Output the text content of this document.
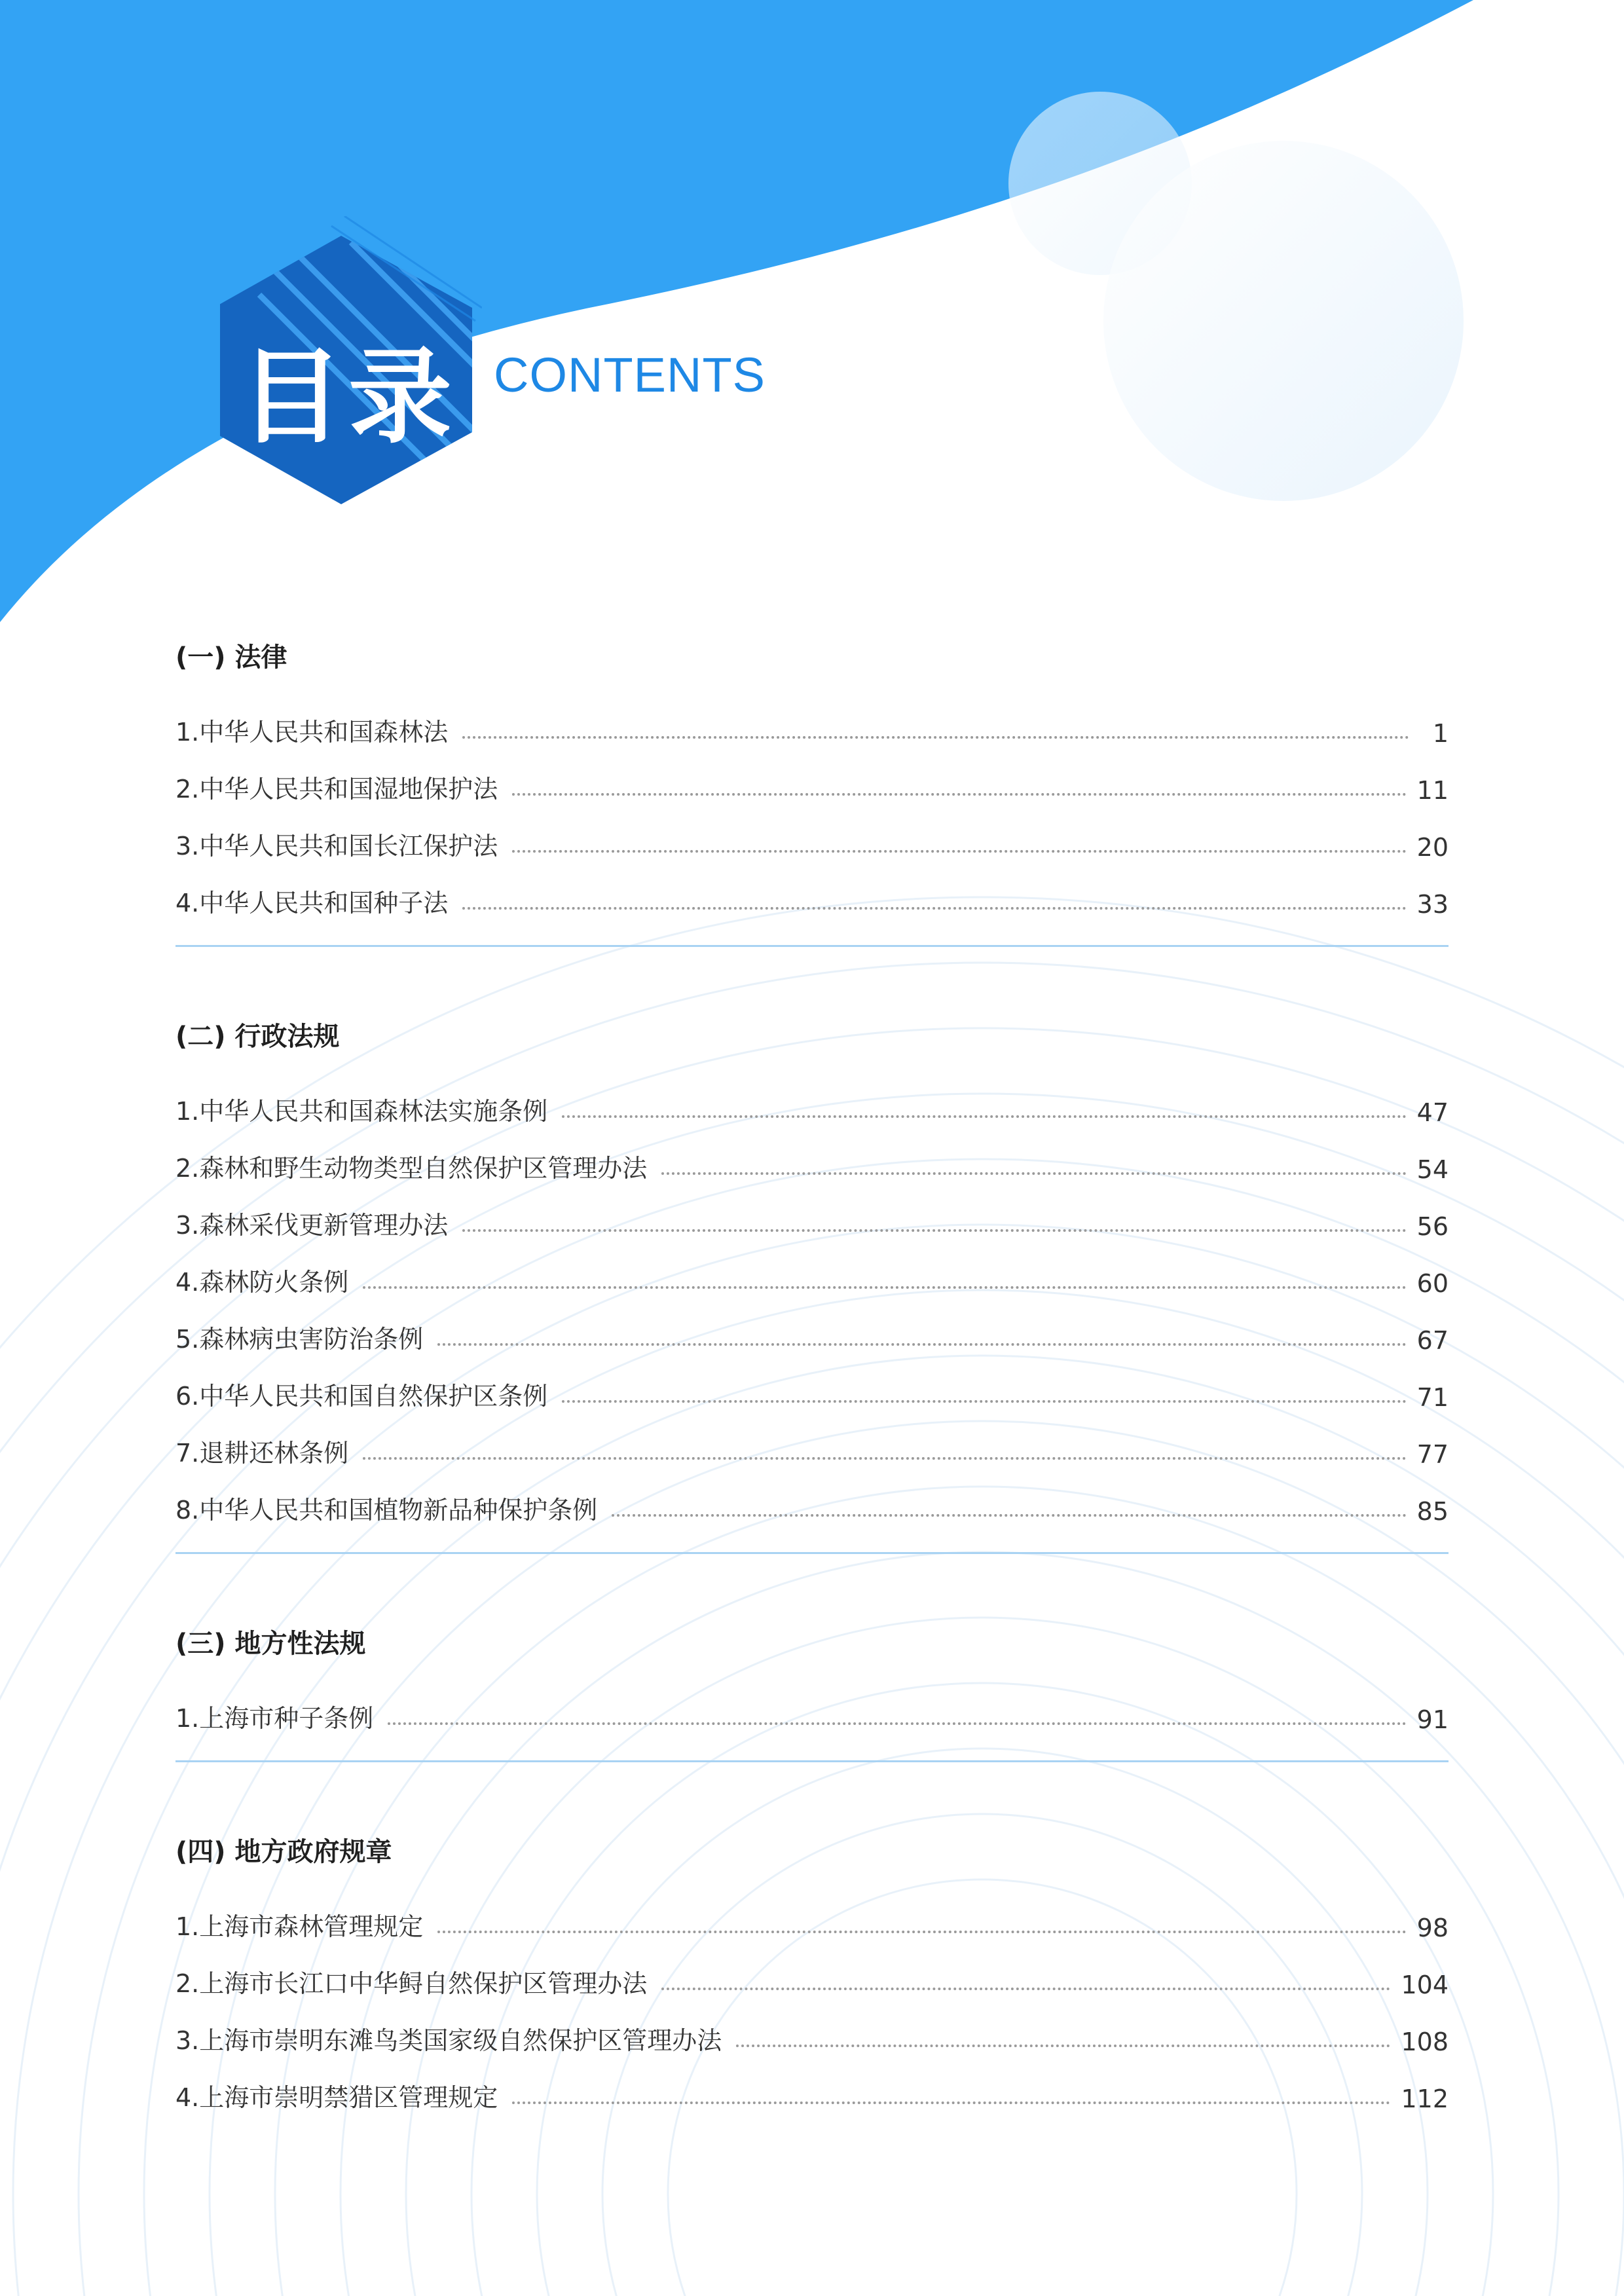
目录 CONTENTS
(一) 法律
1.中华人民共和国森林法	1
2.中华人民共和国湿地保护法	11
3.中华人民共和国长江保护法	20
4.中华人民共和国种子法	33
(二) 行政法规
1.中华人民共和国森林法实施条例	47
2.森林和野生动物类型自然保护区管理办法	54
3.森林采伐更新管理办法	56
4.森林防火条例	60
5.森林病虫害防治条例	67
6.中华人民共和国自然保护区条例	71
7.退耕还林条例	77
8.中华人民共和国植物新品种保护条例	85
(三) 地方性法规
1.上海市种子条例	91
(四) 地方政府规章
1.上海市森林管理规定	98
2.上海市长江口中华鲟自然保护区管理办法	104
3.上海市崇明东滩鸟类国家级自然保护区管理办法	108
4.上海市崇明禁猎区管理规定	112
